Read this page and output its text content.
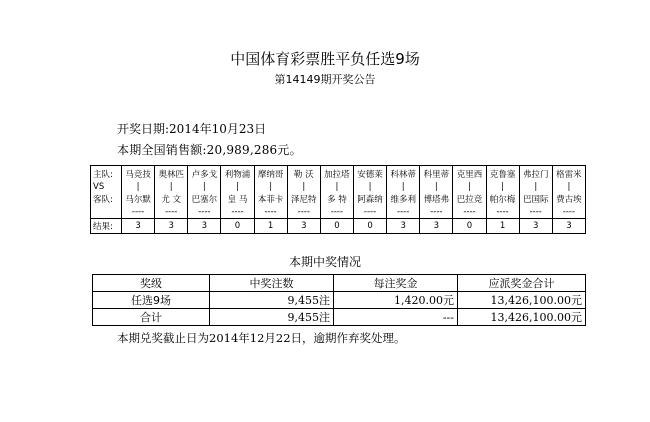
中国体育彩票胜平负任选9场
第14149期开奖公告
开奖日期:2014年10月23日
本期全国销售额:20,989,286元。
主队:	马竞技	奥林匹	卢多戈	利物浦	摩纳哥	勒 沃	加拉塔	安德莱	科林蒂	科里蒂	克里西	克鲁塞	弗拉门	格雷米
VS	|	|	|	|	|	|	|	|	|	|	|	|	|	|
客队:	马尔默	尤 文	巴塞尔	皇 马	本菲卡	泽尼特	多 特	阿森纳	维多利	博塔弗	巴拉竞	帕尔梅	巴国际	费古埃
	----	----	----	----	----	----	----	----	----	----	----	----	----	----
结果:	3	3	3	0	1	3	0	0	3	3	0	1	3	3
本期中奖情况
奖级	中奖注数	每注奖金	应派奖金合计
任选9场	9,455注	1,420.00元	13,426,100.00元
合计	9,455注	---	13,426,100.00元
本期兑奖截止日为2014年12月22日，逾期作弃奖处理。
